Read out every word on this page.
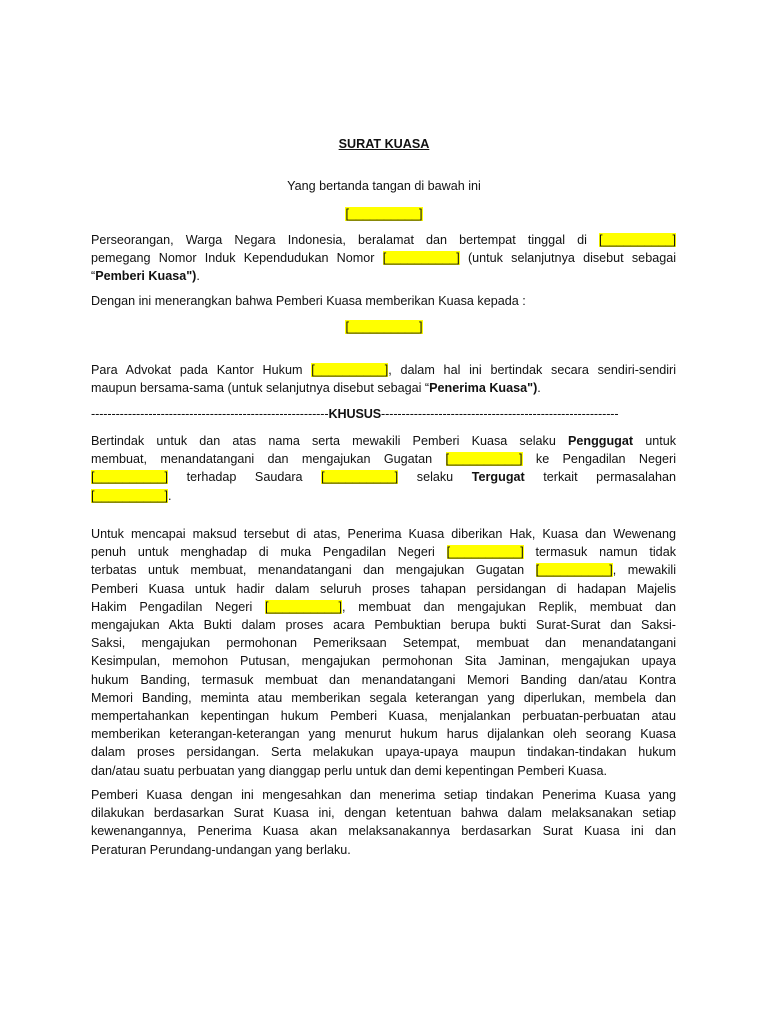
SURAT KUASA
Yang bertanda tangan di bawah ini
[__________]
Perseorangan, Warga Negara Indonesia, beralamat dan bertempat tinggal di [__________]
pemegang Nomor Induk Kependudukan Nomor [__________] (untuk selanjutnya disebut sebagai
“Pemberi Kuasa").
Dengan ini menerangkan bahwa Pemberi Kuasa memberikan Kuasa kepada :
[__________]
Para Advokat pada Kantor Hukum [__________], dalam hal ini bertindak secara sendiri-sendiri
maupun bersama-sama (untuk selanjutnya disebut sebagai “Penerima Kuasa").
----------------------------------------------------------KHUSUS----------------------------------------------------------
Bertindak untuk dan atas nama serta mewakili Pemberi Kuasa selaku Penggugat untuk
membuat, menandatangani dan mengajukan Gugatan [__________] ke Pengadilan Negeri
[__________] terhadap Saudara [__________] selaku Tergugat terkait permasalahan
[__________].
Untuk mencapai maksud tersebut di atas, Penerima Kuasa diberikan Hak, Kuasa dan Wewenang
penuh untuk menghadap di muka Pengadilan Negeri [__________] termasuk namun tidak
terbatas untuk membuat, menandatangani dan mengajukan Gugatan [__________], mewakili
Pemberi Kuasa untuk hadir dalam seluruh proses tahapan persidangan di hadapan Majelis
Hakim Pengadilan Negeri [__________], membuat dan mengajukan Replik, membuat dan
mengajukan Akta Bukti dalam proses acara Pembuktian berupa bukti Surat-Surat dan Saksi-
Saksi, mengajukan permohonan Pemeriksaan Setempat, membuat dan menandatangani
Kesimpulan, memohon Putusan, mengajukan permohonan Sita Jaminan, mengajukan upaya
hukum Banding, termasuk membuat dan menandatangani Memori Banding dan/atau Kontra
Memori Banding, meminta atau memberikan segala keterangan yang diperlukan, membela dan
mempertahankan kepentingan hukum Pemberi Kuasa, menjalankan perbuatan-perbuatan atau
memberikan keterangan-keterangan yang menurut hukum harus dijalankan oleh seorang Kuasa
dalam proses persidangan. Serta melakukan upaya-upaya maupun tindakan-tindakan hukum
dan/atau suatu perbuatan yang dianggap perlu untuk dan demi kepentingan Pemberi Kuasa.
Pemberi Kuasa dengan ini mengesahkan dan menerima setiap tindakan Penerima Kuasa yang
dilakukan berdasarkan Surat Kuasa ini, dengan ketentuan bahwa dalam melaksanakan setiap
kewenangannya, Penerima Kuasa akan melaksanakannya berdasarkan Surat Kuasa ini dan
Peraturan Perundang-undangan yang berlaku.
